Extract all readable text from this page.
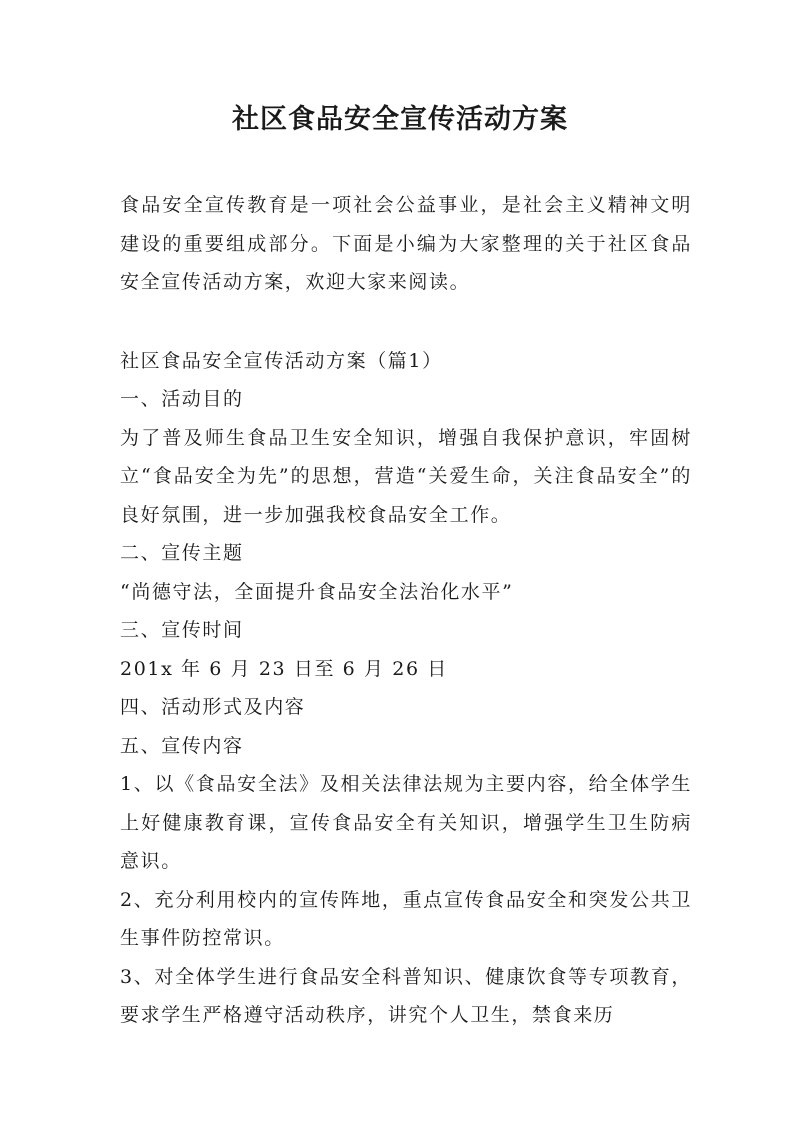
社区食品安全宣传活动方案

食品安全宣传教育是一项社会公益事业，是社会主义精神文明建设的重要组成部分。下面是小编为大家整理的关于社区食品安全宣传活动方案，欢迎大家来阅读。

社区食品安全宣传活动方案（篇1）

一、活动目的

为了普及师生食品卫生安全知识，增强自我保护意识，牢固树立“食品安全为先”的思想，营造“关爱生命，关注食品安全”的良好氛围，进一步加强我校食品安全工作。

二、宣传主题

“尚德守法，全面提升食品安全法治化水平”

三、宣传时间

201x 年 6 月 23 日至 6 月 26 日

四、活动形式及内容

五、宣传内容

1、以《食品安全法》及相关法律法规为主要内容，给全体学生上好健康教育课，宣传食品安全有关知识，增强学生卫生防病意识。

2、充分利用校内的宣传阵地，重点宣传食品安全和突发公共卫生事件防控常识。

3、对全体学生进行食品安全科普知识、健康饮食等专项教育，要求学生严格遵守活动秩序，讲究个人卫生，禁食来历
